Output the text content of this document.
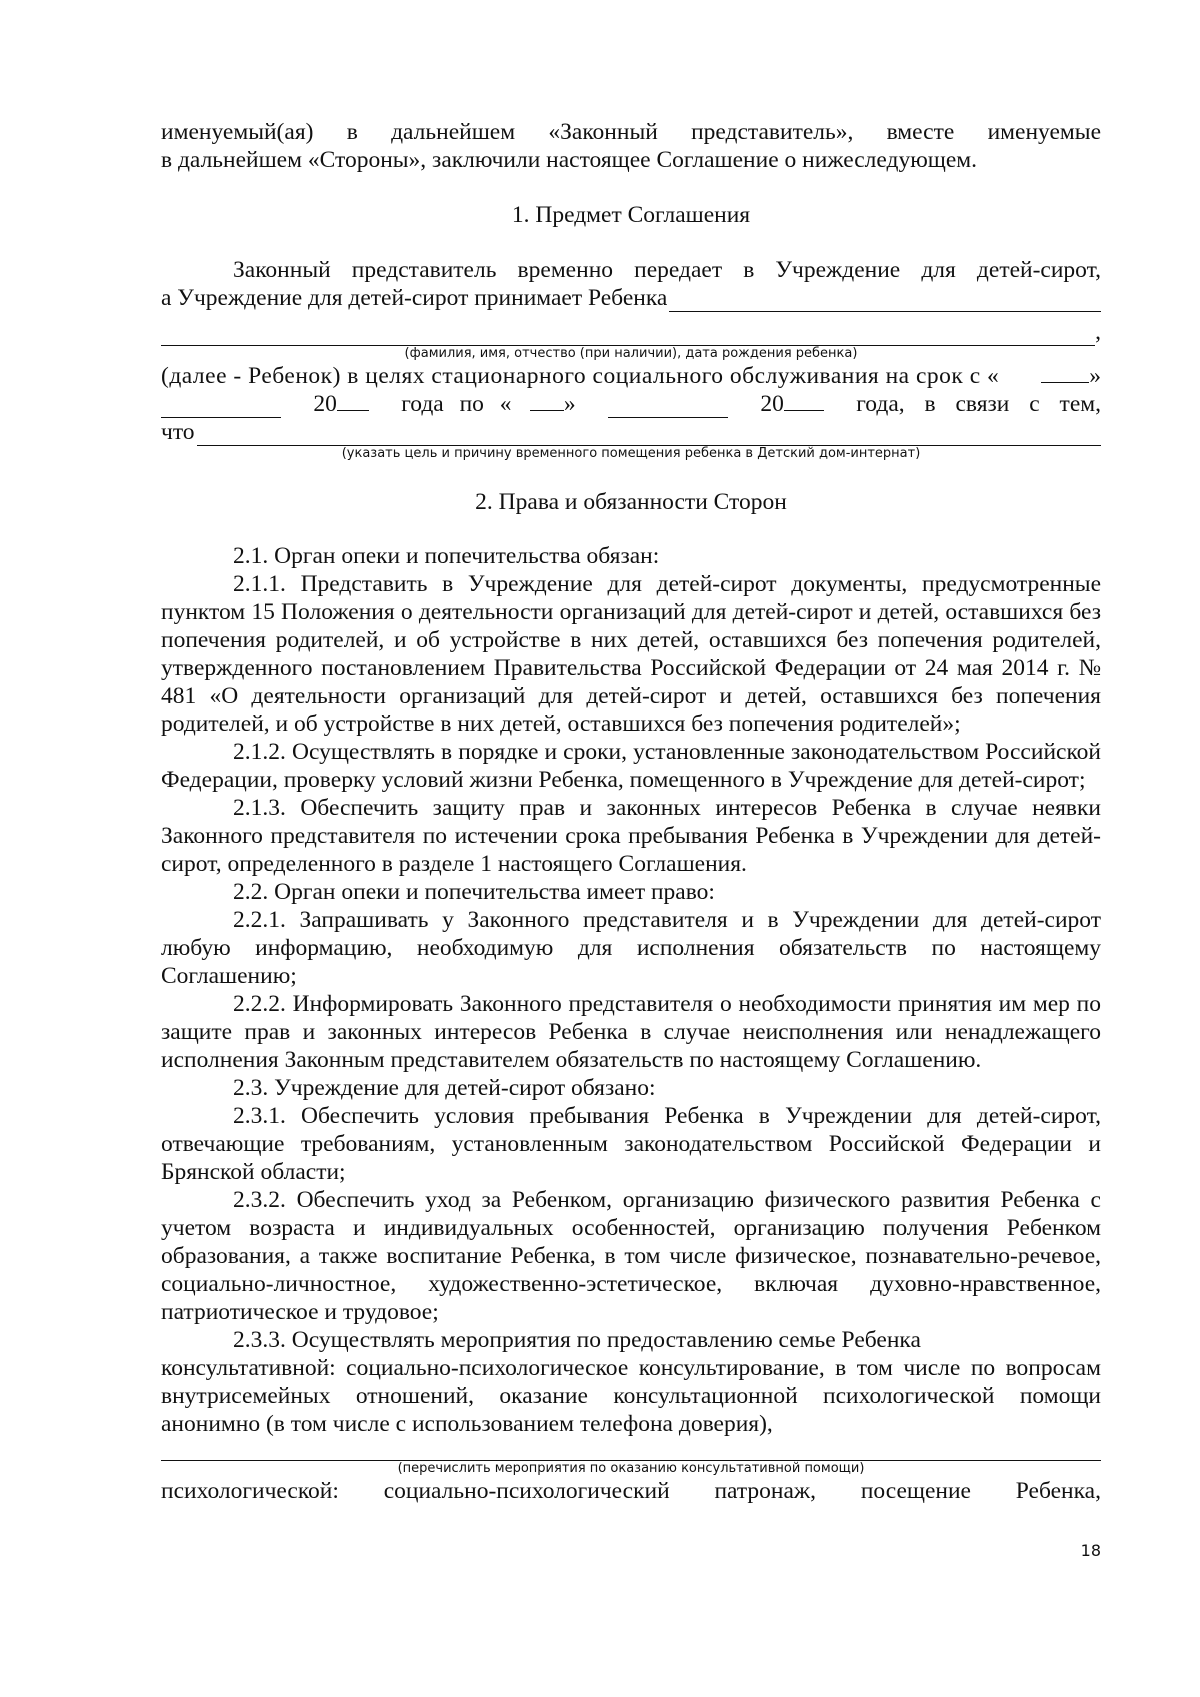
именуемый(ая) в дальнейшем «Законный представитель», вместе именуемые

в дальнейшем «Стороны», заключили настоящее Соглашение о нижеследующем.

1. Предмет Соглашения

Законный представитель временно передает в Учреждение для детей-сирот,

а Учреждение для детей-сирот принимает Ребенка
,

(фамилия, имя, отчество (при наличии), дата рождения ребенка)

(далее - Ребенок) в целях стационарного социального обслуживания на срок с «	»
20	года по «	»	20	года, в связи с тем,
что

(указать цель и причину временного помещения ребенка в Детский дом-интернат)

2. Права и обязанности Сторон

2.1. Орган опеки и попечительства обязан:

2.1.1. Представить в Учреждение для детей-сирот документы, предусмотренные пунктом 15 Положения о деятельности организаций для детей-сирот и детей, оставшихся без попечения родителей, и об устройстве в них детей, оставшихся без попечения родителей, утвержденного постановлением Правительства Российской Федерации от 24 мая 2014 г. № 481 «О деятельности организаций для детей-сирот и детей, оставшихся без попечения родителей, и об устройстве в них детей, оставшихся без попечения родителей»;

2.1.2. Осуществлять в порядке и сроки, установленные законодательством Российской Федерации, проверку условий жизни Ребенка, помещенного в Учреждение для детей-сирот;

2.1.3. Обеспечить защиту прав и законных интересов Ребенка в случае неявки Законного представителя по истечении срока пребывания Ребенка в Учреждении для детей-сирот, определенного в разделе 1 настоящего Соглашения.

2.2. Орган опеки и попечительства имеет право:

2.2.1. Запрашивать у Законного представителя и в Учреждении для детей-сирот любую информацию, необходимую для исполнения обязательств по настоящему Соглашению;

2.2.2. Информировать Законного представителя о необходимости принятия им мер по защите прав и законных интересов Ребенка в случае неисполнения или ненадлежащего исполнения Законным представителем обязательств по настоящему Соглашению.

2.3. Учреждение для детей-сирот обязано:

2.3.1. Обеспечить условия пребывания Ребенка в Учреждении для детей-сирот, отвечающие требованиям, установленным законодательством Российской Федерации и Брянской области;

2.3.2. Обеспечить уход за Ребенком, организацию физического развития Ребенка с учетом возраста и индивидуальных особенностей, организацию получения Ребенком образования, а также воспитание Ребенка, в том числе физическое, познавательно-речевое, социально-личностное, художественно-эстетическое, включая духовно-нравственное, патриотическое и трудовое;

2.3.3. Осуществлять мероприятия по предоставлению семье Ребенка

консультативной: социально-психологическое консультирование, в том числе по вопросам внутрисемейных отношений, оказание консультационной психологической помощи анонимно (в том числе с использованием телефона доверия),

(перечислить мероприятия по оказанию консультативной помощи)

психологической: социально-психологический патронаж, посещение Ребенка,

18
